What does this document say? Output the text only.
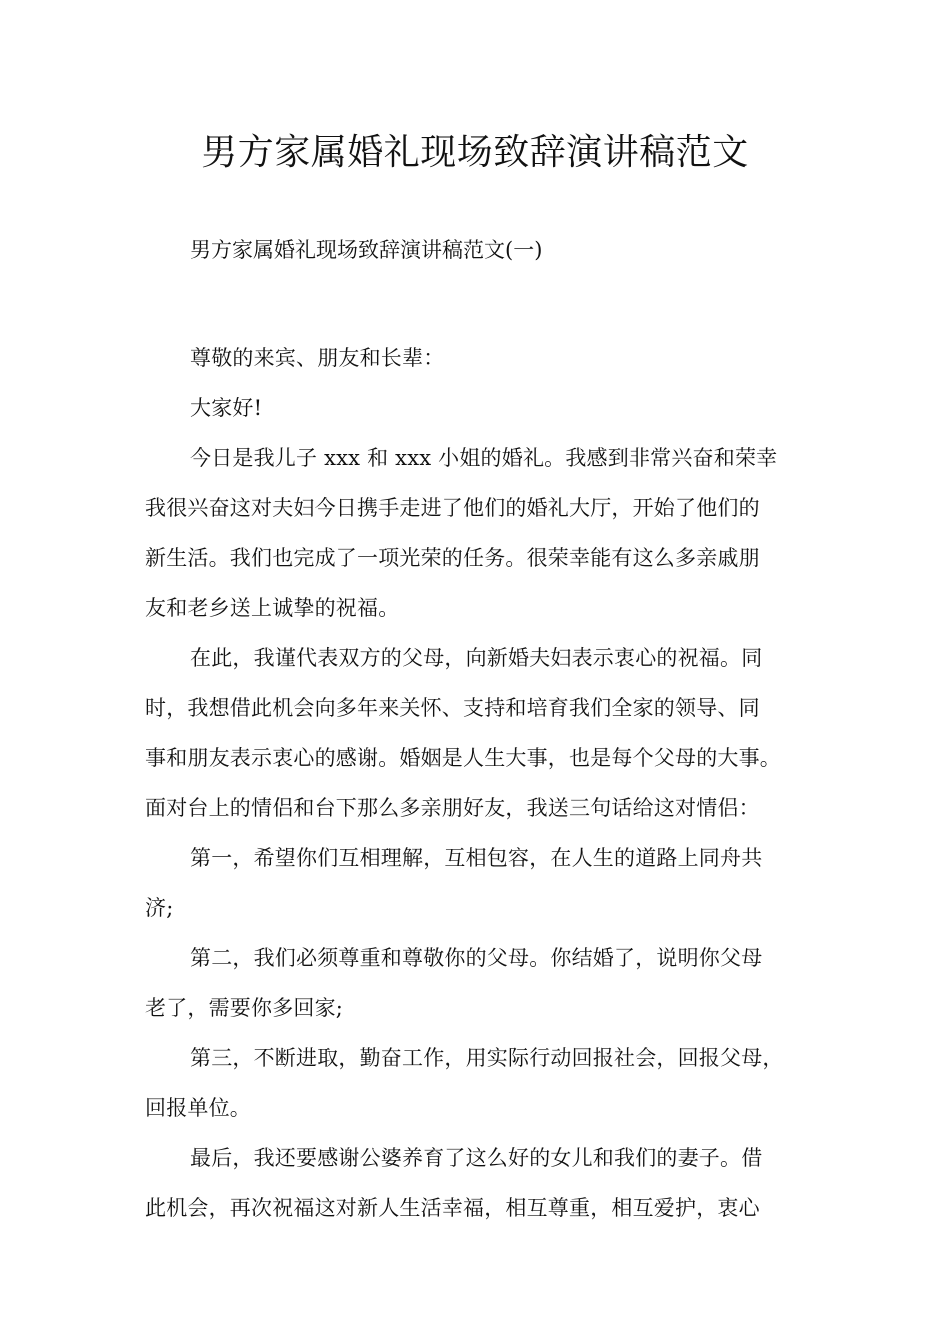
男方家属婚礼现场致辞演讲稿范文
男方家属婚礼现场致辞演讲稿范文(一)

尊敬的来宾、朋友和长辈：

大家好!

今日是我儿子 xxx 和 xxx 小姐的婚礼。我感到非常兴奋和荣幸
我很兴奋这对夫妇今日携手走进了他们的婚礼大厅，开始了他们的
新生活。我们也完成了一项光荣的任务。很荣幸能有这么多亲戚朋
友和老乡送上诚挚的祝福。

在此，我谨代表双方的父母，向新婚夫妇表示衷心的祝福。同
时，我想借此机会向多年来关怀、支持和培育我们全家的领导、同
事和朋友表示衷心的感谢。婚姻是人生大事，也是每个父母的大事。
面对台上的情侣和台下那么多亲朋好友，我送三句话给这对情侣：

第一，希望你们互相理解，互相包容，在人生的道路上同舟共
济;

第二，我们必须尊重和尊敬你的父母。你结婚了，说明你父母
老了，需要你多回家;

第三，不断进取，勤奋工作，用实际行动回报社会，回报父母，
回报单位。

最后，我还要感谢公婆养育了这么好的女儿和我们的妻子。借
此机会，再次祝福这对新人生活幸福，相互尊重，相互爱护，衷心
